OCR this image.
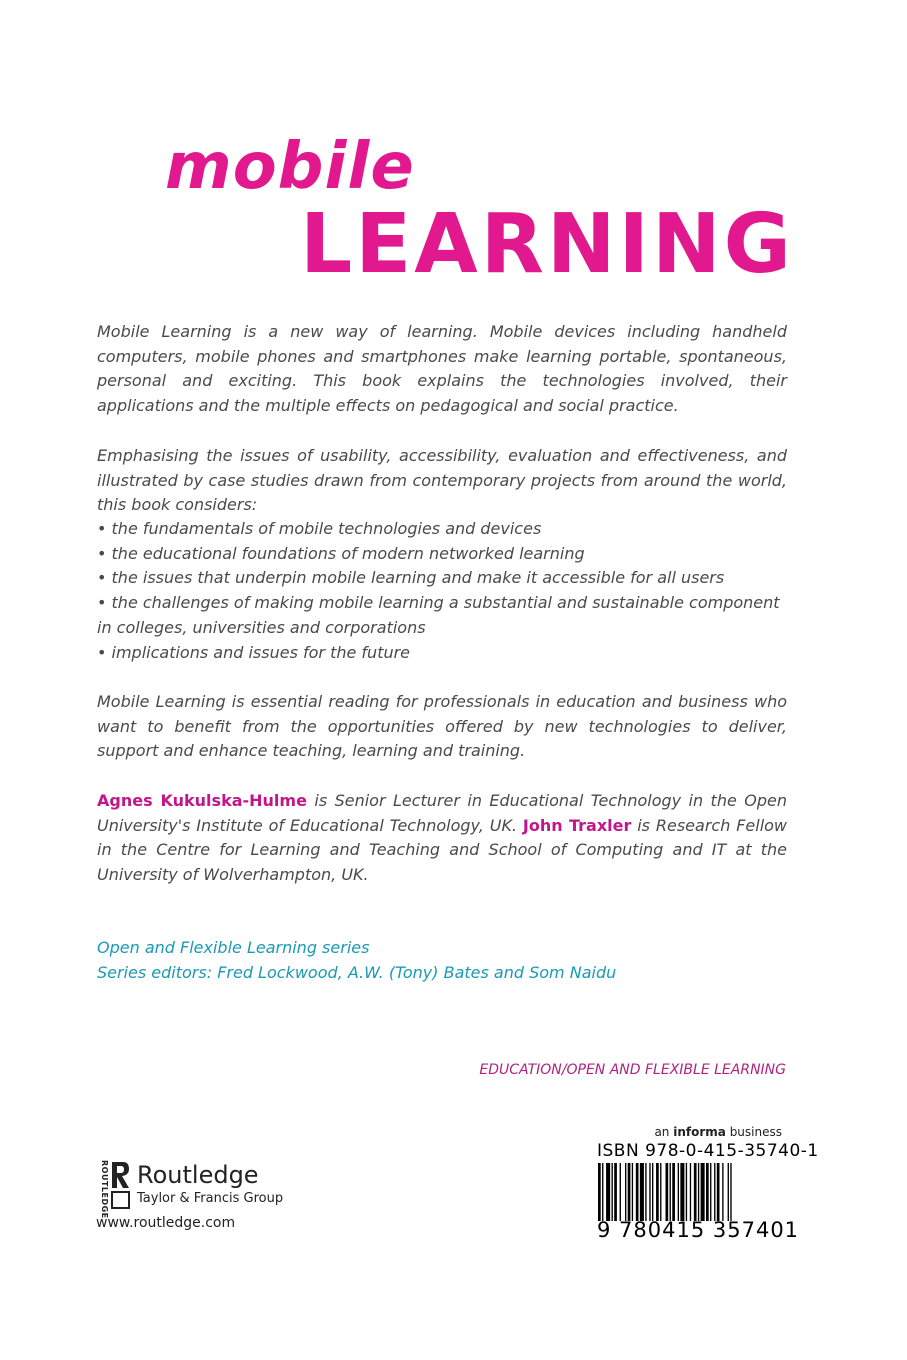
mobile
LEARNING

Mobile Learning is a new way of learning. Mobile devices including handheld computers, mobile phones and smartphones make learning portable, spontaneous, personal and exciting. This book explains the technologies involved, their applications and the multiple effects on pedagogical and social practice.

Emphasising the issues of usability, accessibility, evaluation and effectiveness, and illustrated by case studies drawn from contemporary projects from around the world, this book considers:

• the fundamentals of mobile technologies and devices
• the educational foundations of modern networked learning
• the issues that underpin mobile learning and make it accessible for all users
• the challenges of making mobile learning a substantial and sustainable component
in colleges, universities and corporations
• implications and issues for the future

Mobile Learning is essential reading for professionals in education and business who want to benefit from the opportunities offered by new technologies to deliver, support and enhance teaching, learning and training.

Agnes Kukulska-Hulme is Senior Lecturer in Educational Technology in the Open University's Institute of Educational Technology, UK. John Traxler is Research Fellow in the Centre for Learning and Teaching and School of Computing and IT at the University of Wolverhampton, UK.

Open and Flexible Learning series
Series editors: Fred Lockwood, A.W. (Tony) Bates and Som Naidu
EDUCATION/OPEN AND FLEXIBLE LEARNING
ROUTLEDGE Routledge
Taylor & Francis Group
www.routledge.com
an informa business
ISBN 978-0-415-35740-1
9 780415 357401
